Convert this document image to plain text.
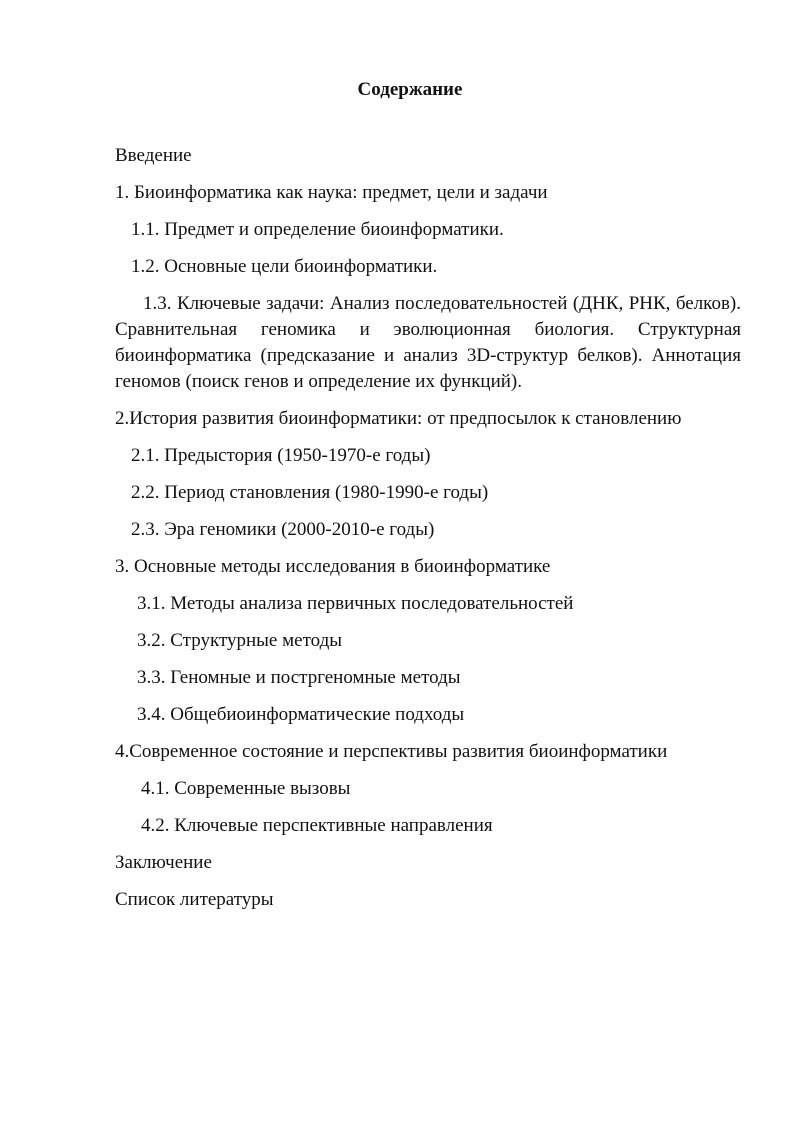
Содержание
Введение
1. Биоинформатика как наука: предмет, цели и задачи
1.1. Предмет и определение биоинформатики.
1.2. Основные цели биоинформатики.
1.3. Ключевые задачи: Анализ последовательностей (ДНК, РНК, белков). Сравнительная геномика и эволюционная биология. Структурная биоинформатика (предсказание и анализ 3D-структур белков). Аннотация геномов (поиск генов и определение их функций).
2.История развития биоинформатики: от предпосылок к становлению
2.1. Предыстория (1950-1970-е годы)
2.2. Период становления (1980-1990-е годы)
2.3. Эра геномики (2000-2010-е годы)
3. Основные методы исследования в биоинформатике
3.1. Методы анализа первичных последовательностей
3.2. Структурные методы
3.3. Геномные и постргеномные методы
3.4. Общебиоинформатические подходы
4.Современное состояние и перспективы развития биоинформатики
4.1. Современные вызовы
4.2. Ключевые перспективные направления
Заключение
Список литературы
